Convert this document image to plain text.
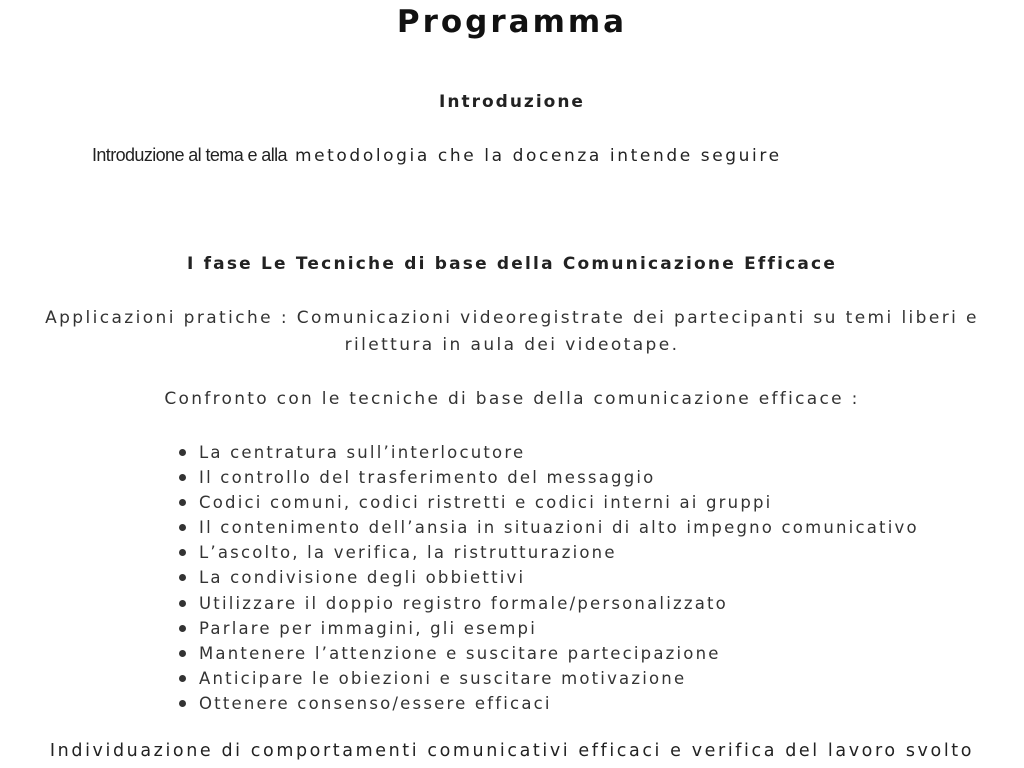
Programma
Introduzione
Introduzione al tema e alla metodologia che la docenza intende seguire
I fase Le Tecniche di base della Comunicazione Efficace
Applicazioni pratiche : Comunicazioni videoregistrate dei partecipanti su temi liberi e
rilettura in aula dei videotape.
Confronto con le tecniche di base della comunicazione efficace :
La centratura sull’interlocutore
Il controllo del trasferimento del messaggio
Codici comuni, codici ristretti e codici interni ai gruppi
Il contenimento dell’ansia in situazioni di alto impegno comunicativo
L’ascolto, la verifica, la ristrutturazione
La condivisione degli obbiettivi
Utilizzare il doppio registro formale/personalizzato
Parlare per immagini, gli esempi
Mantenere l’attenzione e suscitare partecipazione
Anticipare le obiezioni e suscitare motivazione
Ottenere consenso/essere efficaci
Individuazione di comportamenti comunicativi efficaci e verifica del lavoro svolto
